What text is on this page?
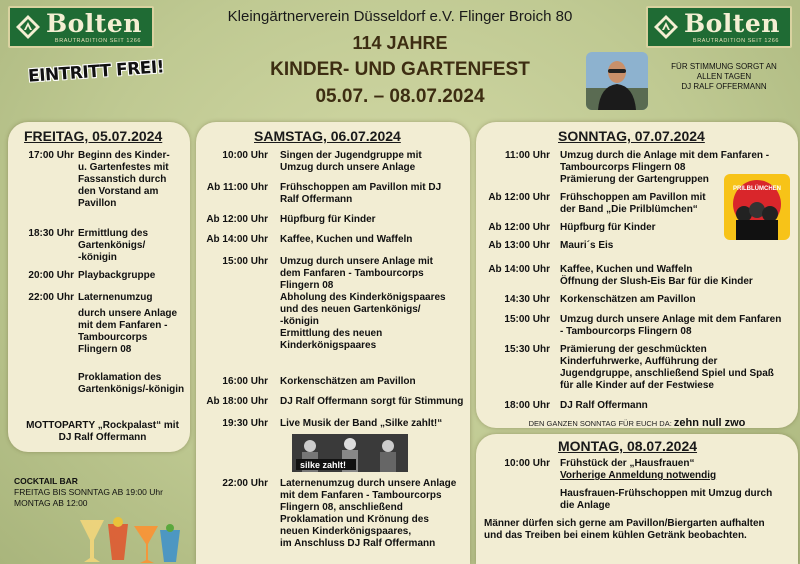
Bolten
BRAUTRADITION SEIT 1266
Bolten
BRAUTRADITION SEIT 1266
Kleingärtnerverein Düsseldorf e.V. Flinger Broich 80
114 JAHRE
KINDER- UND GARTENFEST
05.07. – 08.07.2024
EINTRITT FREI!	FÜR STIMMUNG SORGT AN
ALLEN TAGEN
DJ RALF OFFERMANN
FREITAG, 05.07.2024
17:00 Uhr Beginn des Kinder-
u. Gartenfestes mit
Fassanstich durch
den Vorstand am
Pavillon
18:30 Uhr Ermittlung des
Gartenkönigs/
-königin
20:00 Uhr Playbackgruppe
22:00 Uhr Laternenumzug
durch unsere Anlage
mit dem Fanfaren -
Tambourcorps
Flingern 08
Proklamation des
Gartenkönigs/-königin
MOTTOPARTY „Rockpalast“ mit
DJ Ralf Offermann
COCKTAIL BAR
FREITAG BIS SONNTAG AB 19:00 Uhr
MONTAG AB 12:00
SAMSTAG, 06.07.2024
10:00 Uhr Singen der Jugendgruppe mit
Umzug durch unsere Anlage
Ab 11:00 Uhr Frühschoppen am Pavillon mit DJ
Ralf Offermann
Ab 12:00 Uhr Hüpfburg für Kinder
Ab 14:00 Uhr Kaffee, Kuchen und Waffeln
15:00 Uhr Umzug durch unsere Anlage mit
dem Fanfaren - Tambourcorps
Flingern 08
Abholung des Kinderkönigspaares
und des neuen Gartenkönigs/
-königin
Ermittlung des neuen
Kinderkönigspaares
16:00 Uhr Korkenschätzen am Pavillon
Ab 18:00 Uhr DJ Ralf Offermann sorgt für Stimmung
19:30 Uhr Live Musik der Band „Silke zahlt!“
22:00 Uhr Laternenumzug durch unsere Anlage
mit dem Fanfaren - Tambourcorps
Flingern 08, anschließend
Proklamation und Krönung des
neuen Kinderkönigspaares,
im Anschluss DJ Ralf Offermann
silke zahlt!
SONNTAG, 07.07.2024
11:00 Uhr Umzug durch die Anlage mit dem Fanfaren -
Tambourcorps Flingern 08
Prämierung der Gartengruppen
Ab 12:00 Uhr Frühschoppen am Pavillon mit
der Band „Die Prilblümchen“
Ab 12:00 Uhr Hüpfburg für Kinder
Ab 13:00 Uhr Mauri´s Eis
Ab 14:00 Uhr Kaffee, Kuchen und Waffeln
Öffnung der Slush-Eis Bar für die Kinder
14:30 Uhr Korkenschätzen am Pavillon
15:00 Uhr Umzug durch unsere Anlage mit dem Fanfaren
- Tambourcorps Flingern 08
15:30 Uhr Prämierung der geschmückten
Kinderfuhrwerke, Aufführung der
Jugendgruppe, anschließend Spiel und Spaß
für alle Kinder auf der Festwiese
18:00 Uhr DJ Ralf Offermann
PRILBLÜMCHEN
DEN GANZEN SONNTAG FÜR EUCH DA: zehn null zwo
MONTAG, 08.07.2024
10:00 Uhr Frühstück der „Hausfrauen“
Vorherige Anmeldung notwendig
Hausfrauen-Frühschoppen mit Umzug durch
die Anlage
Männer dürfen sich gerne am Pavillon/Biergarten aufhalten
und das Treiben bei einem kühlen Getränk beobachten.
